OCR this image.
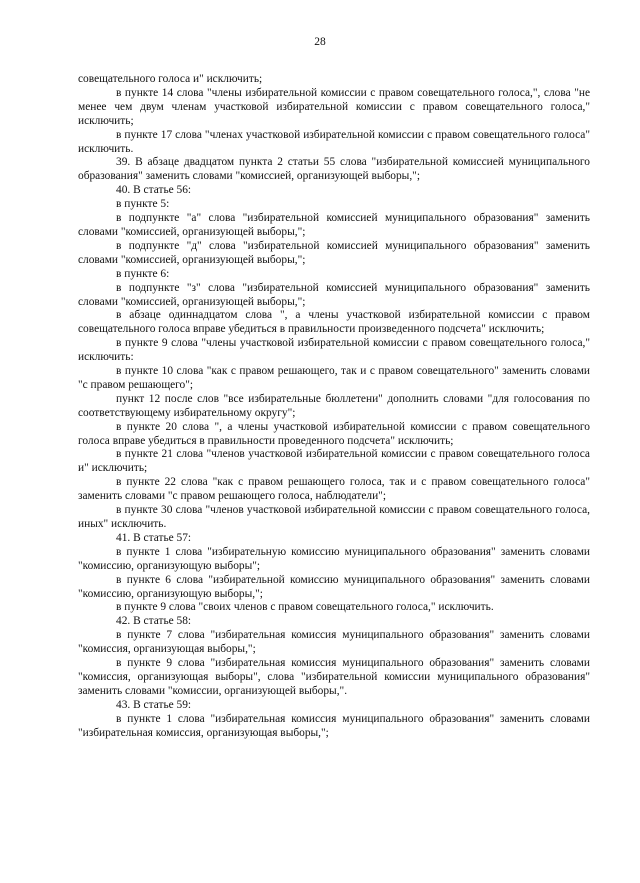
28

совещательного голоса и" исключить;

в пункте 14 слова "члены избирательной комиссии с правом совещательного голоса,", слова "не менее чем двум членам участковой избирательной комиссии с правом совещательного голоса," исключить;

в пункте 17 слова "членах участковой избирательной комиссии с правом совещательного голоса" исключить.

39. В абзаце двадцатом пункта 2 статьи 55 слова "избирательной комиссией муниципального образования" заменить словами "комиссией, организующей выборы,";

40. В статье 56:

в пункте 5:

в подпункте "а" слова "избирательной комиссией муниципального образования" заменить словами "комиссией, организующей выборы,";

в подпункте "д" слова "избирательной комиссией муниципального образования" заменить словами "комиссией, организующей выборы,";

в пункте 6:

в подпункте "з" слова "избирательной комиссией муниципального образования" заменить словами "комиссией, организующей выборы,";

в абзаце одиннадцатом слова ", а члены участковой избирательной комиссии с правом совещательного голоса вправе убедиться в правильности произведенного подсчета" исключить;

в пункте 9 слова "члены участковой избирательной комиссии с правом совещательного голоса," исключить:

в пункте 10 слова "как с правом решающего, так и с правом совещательного" заменить словами "с правом решающего";

пункт 12 после слов "все избирательные бюллетени" дополнить словами "для голосования по соответствующему избирательному округу";

в пункте 20 слова ", а члены участковой избирательной комиссии с правом совещательного голоса вправе убедиться в правильности проведенного подсчета" исключить;

в пункте 21 слова "членов участковой избирательной комиссии с правом совещательного голоса и" исключить;

в пункте 22 слова "как с правом решающего голоса, так и с правом совещательного голоса" заменить словами "с правом решающего голоса, наблюдатели";

в пункте 30 слова "членов участковой избирательной комиссии с правом совещательного голоса, иных" исключить.

41. В статье 57:

в пункте 1 слова "избирательную комиссию муниципального образования" заменить словами "комиссию, организующую выборы";

в пункте 6 слова "избирательной комиссию муниципального образования" заменить словами "комиссию, организующую выборы,";

в пункте 9 слова "своих членов с правом совещательного голоса," исключить.

42. В статье 58:

в пункте 7 слова "избирательная комиссия муниципального образования" заменить словами "комиссия, организующая выборы,";

в пункте 9 слова "избирательная комиссия муниципального образования" заменить словами "комиссия, организующая выборы", слова "избирательной комиссии муниципального образования" заменить словами "комиссии, организующей выборы,".

43. В статье 59:

в пункте 1 слова "избирательная комиссия муниципального образования" заменить словами "избирательная комиссия, организующая выборы,";
